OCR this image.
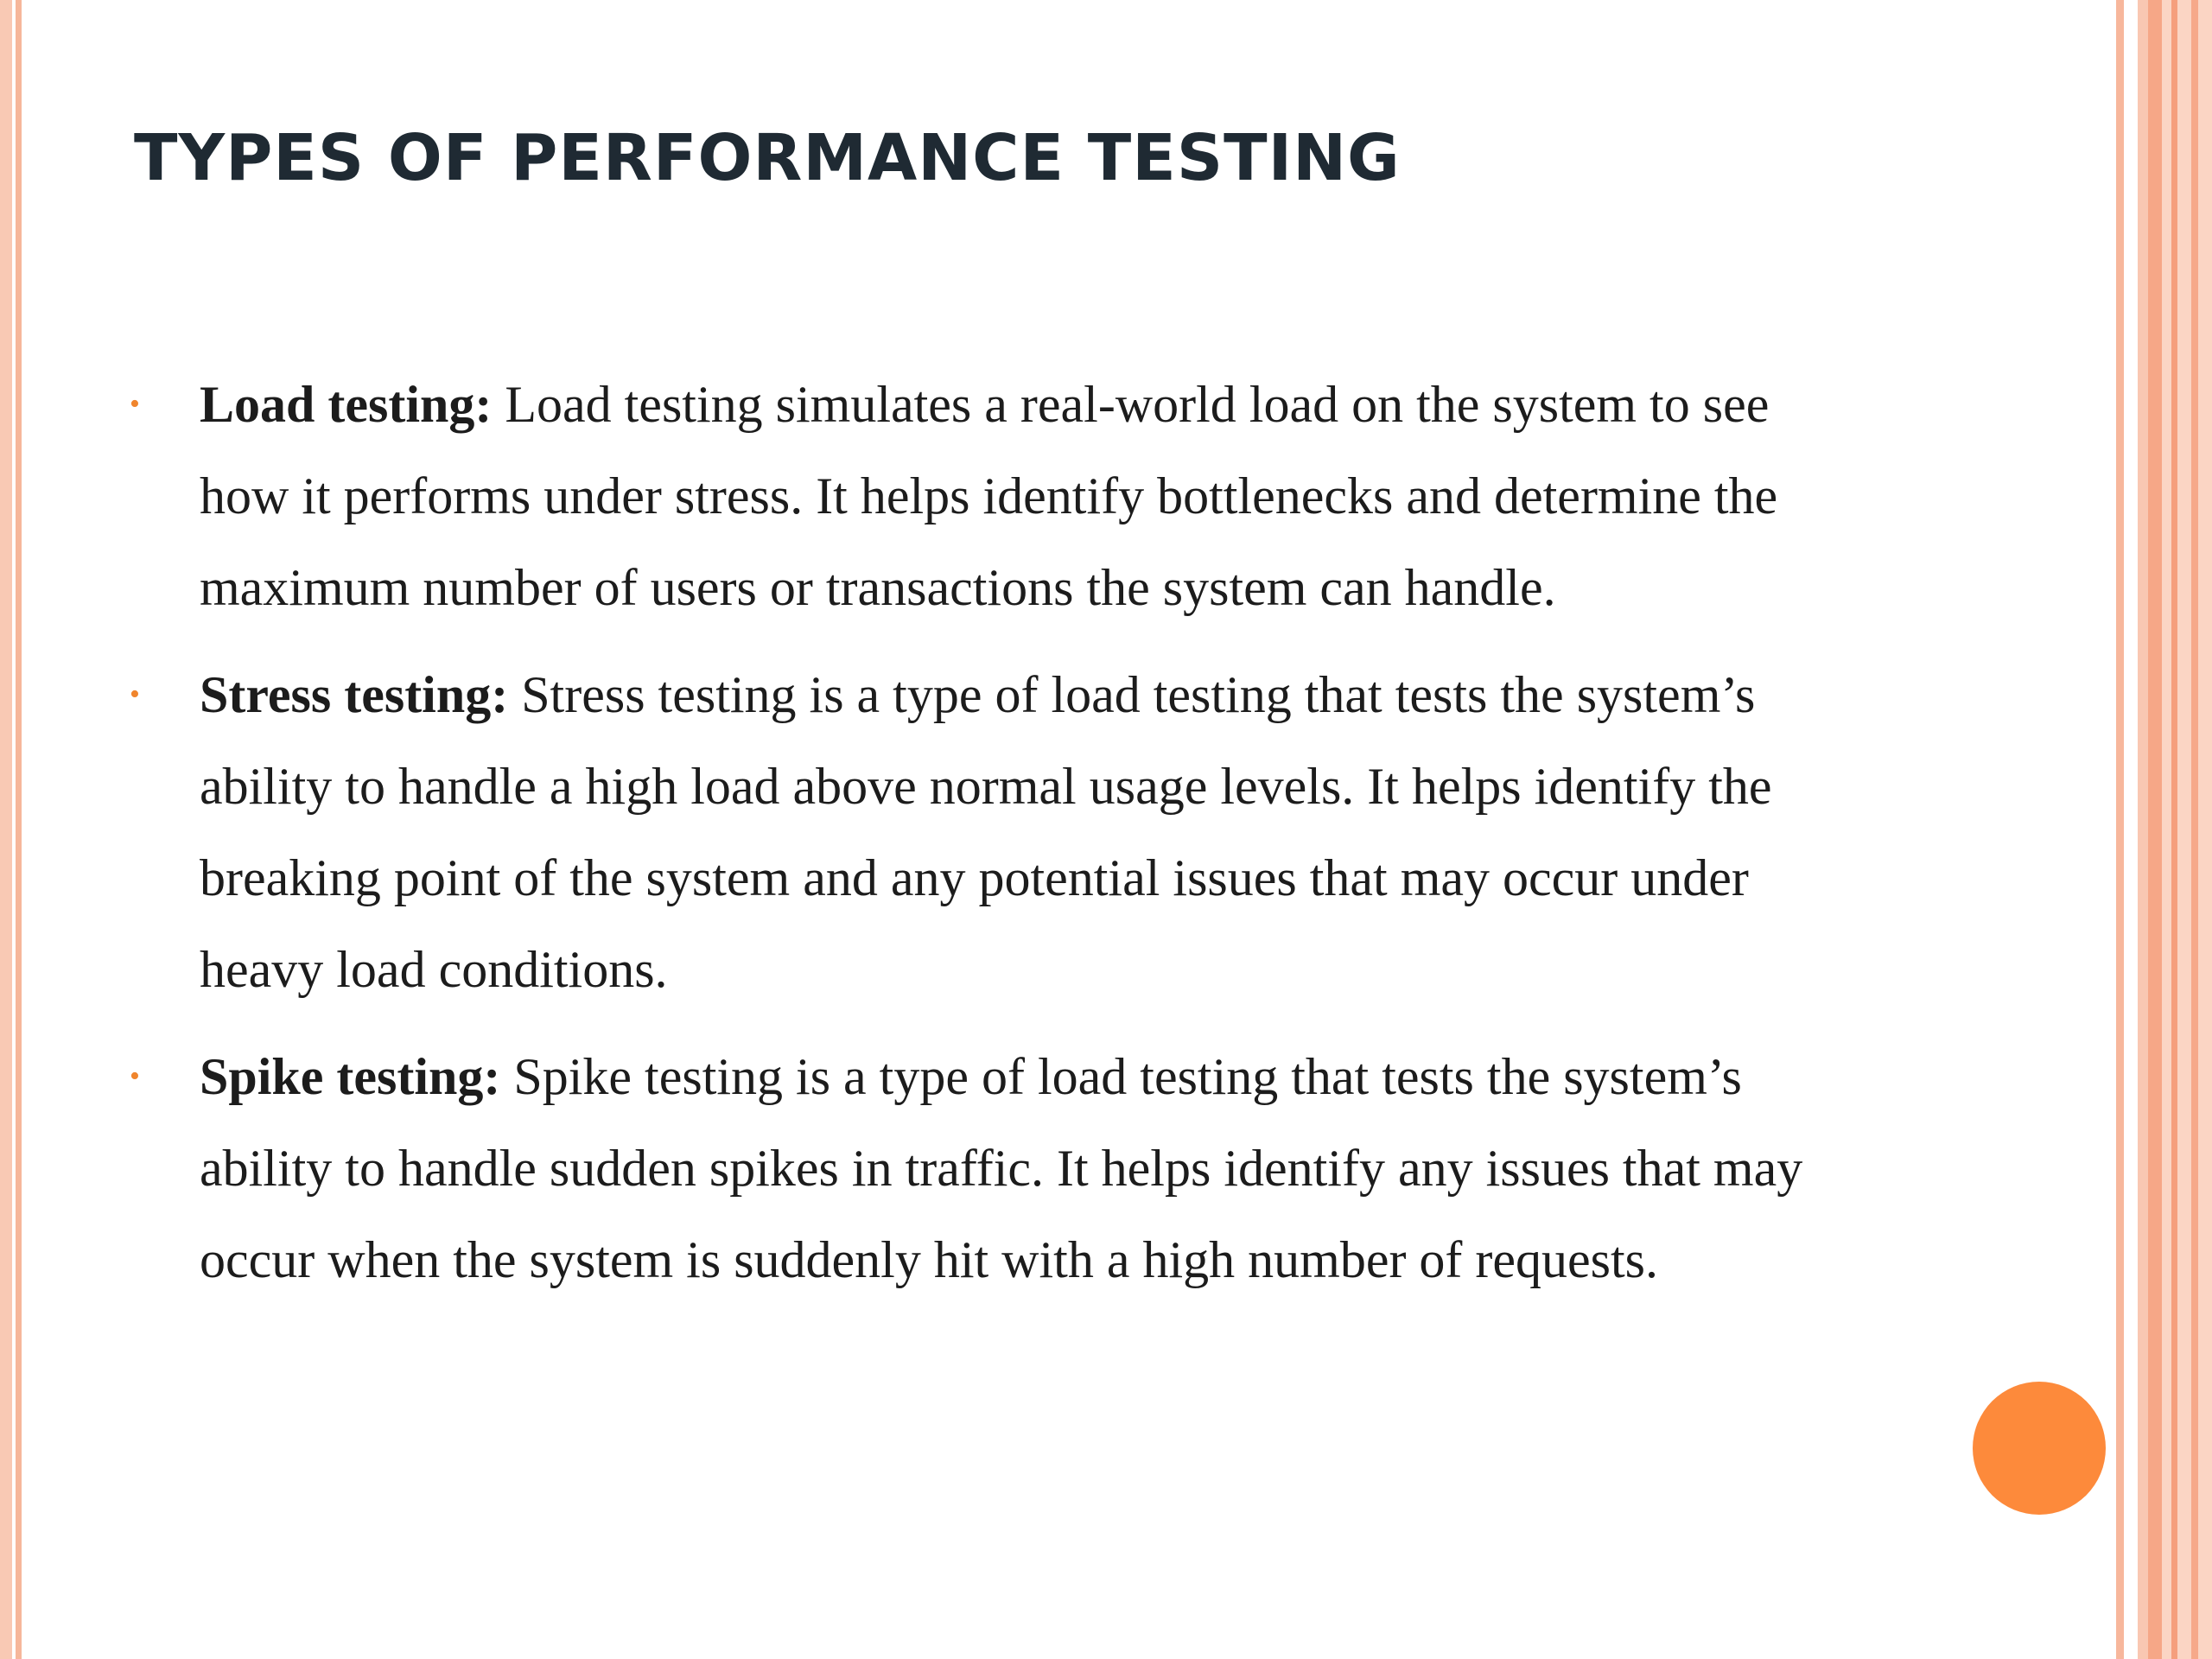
TYPES OF PERFORMANCE TESTING
• Load testing: Load testing simulates a real-world load on the system to see how it performs under stress. It helps identify bottlenecks and determine the maximum number of users or transactions the system can handle.
• Stress testing: Stress testing is a type of load testing that tests the system’s ability to handle a high load above normal usage levels. It helps identify the breaking point of the system and any potential issues that may occur under heavy load conditions.
• Spike testing: Spike testing is a type of load testing that tests the system’s ability to handle sudden spikes in traffic. It helps identify any issues that may occur when the system is suddenly hit with a high number of requests.
